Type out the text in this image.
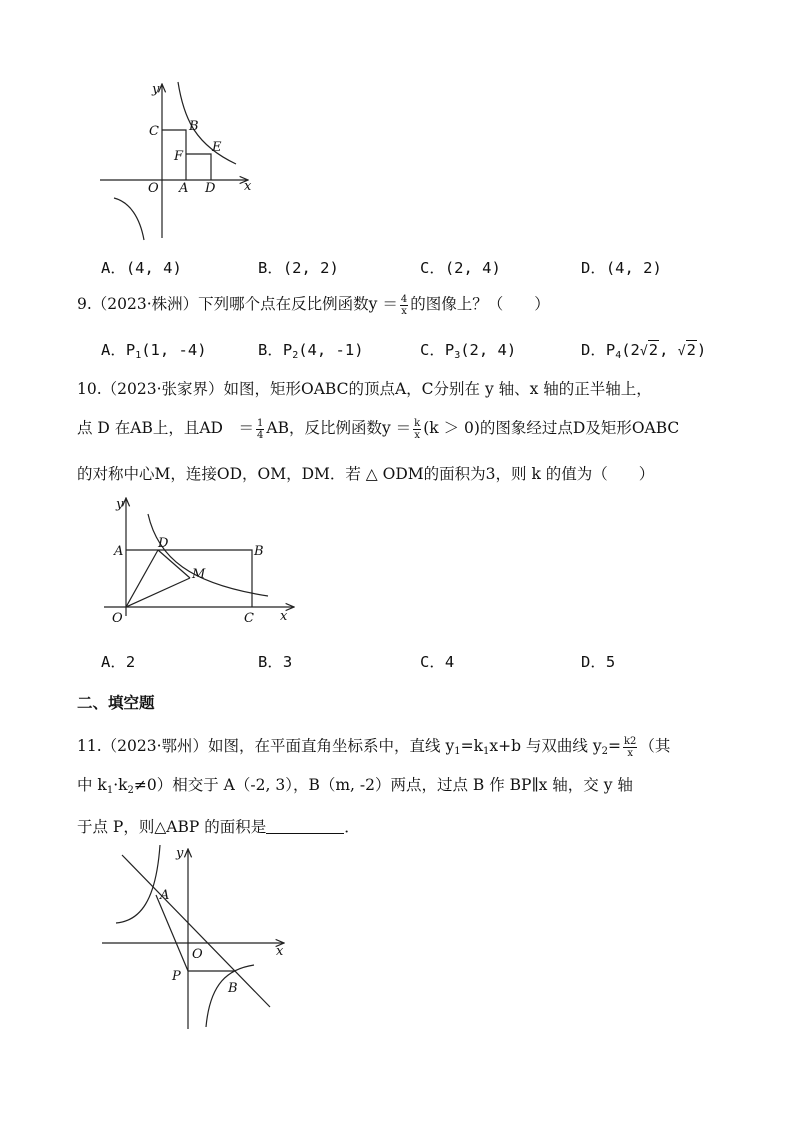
y
x
O
C B
F
E
A D
A．(4, 4)	B．(2, 2)	C．(2, 4)	D．(4, 2)
9.（2023·株洲）下列哪个点在反比例函数$y = \frac{4}{x}$ 的图像上？（　　）
A．$P_1(1$, -4)	B．$P_2(4$, -1)	C．$P_3(2$, 4)	D．$P_4(2√2$, √2)
10.（2023·张家界）如图，矩形OABC的顶点A，C分别在 y 轴、x 轴的正半轴上，
点 D 在AB上，且AD　＝ $\frac{1}{4}$ AB，反比例函数$y = \frac{k}{x} (k > 0)$的图象经过点D及矩形OABC
的对称中心M，连接OD，OM，DM．若 △ ODM的面积为3，则 k 的值为（　　）
y
x
O
A
D
B
M
C
A．2	B．3	C．4	D．5
二、填空题
11.（2023·鄂州）如图，在平面直角坐标系中，直线 $y_1=k_1x+b$ 与双曲线 $y_2= \frac{k2}{x}$ （其
中 $k_1\cdot k_2\ne 0$）相交于 A（-2, 3），B（m, -2）两点，过点 B 作 BP∥x 轴，交 y 轴
于点 P，则△ABP 的面积是	．
y
x
A
O
P
B
